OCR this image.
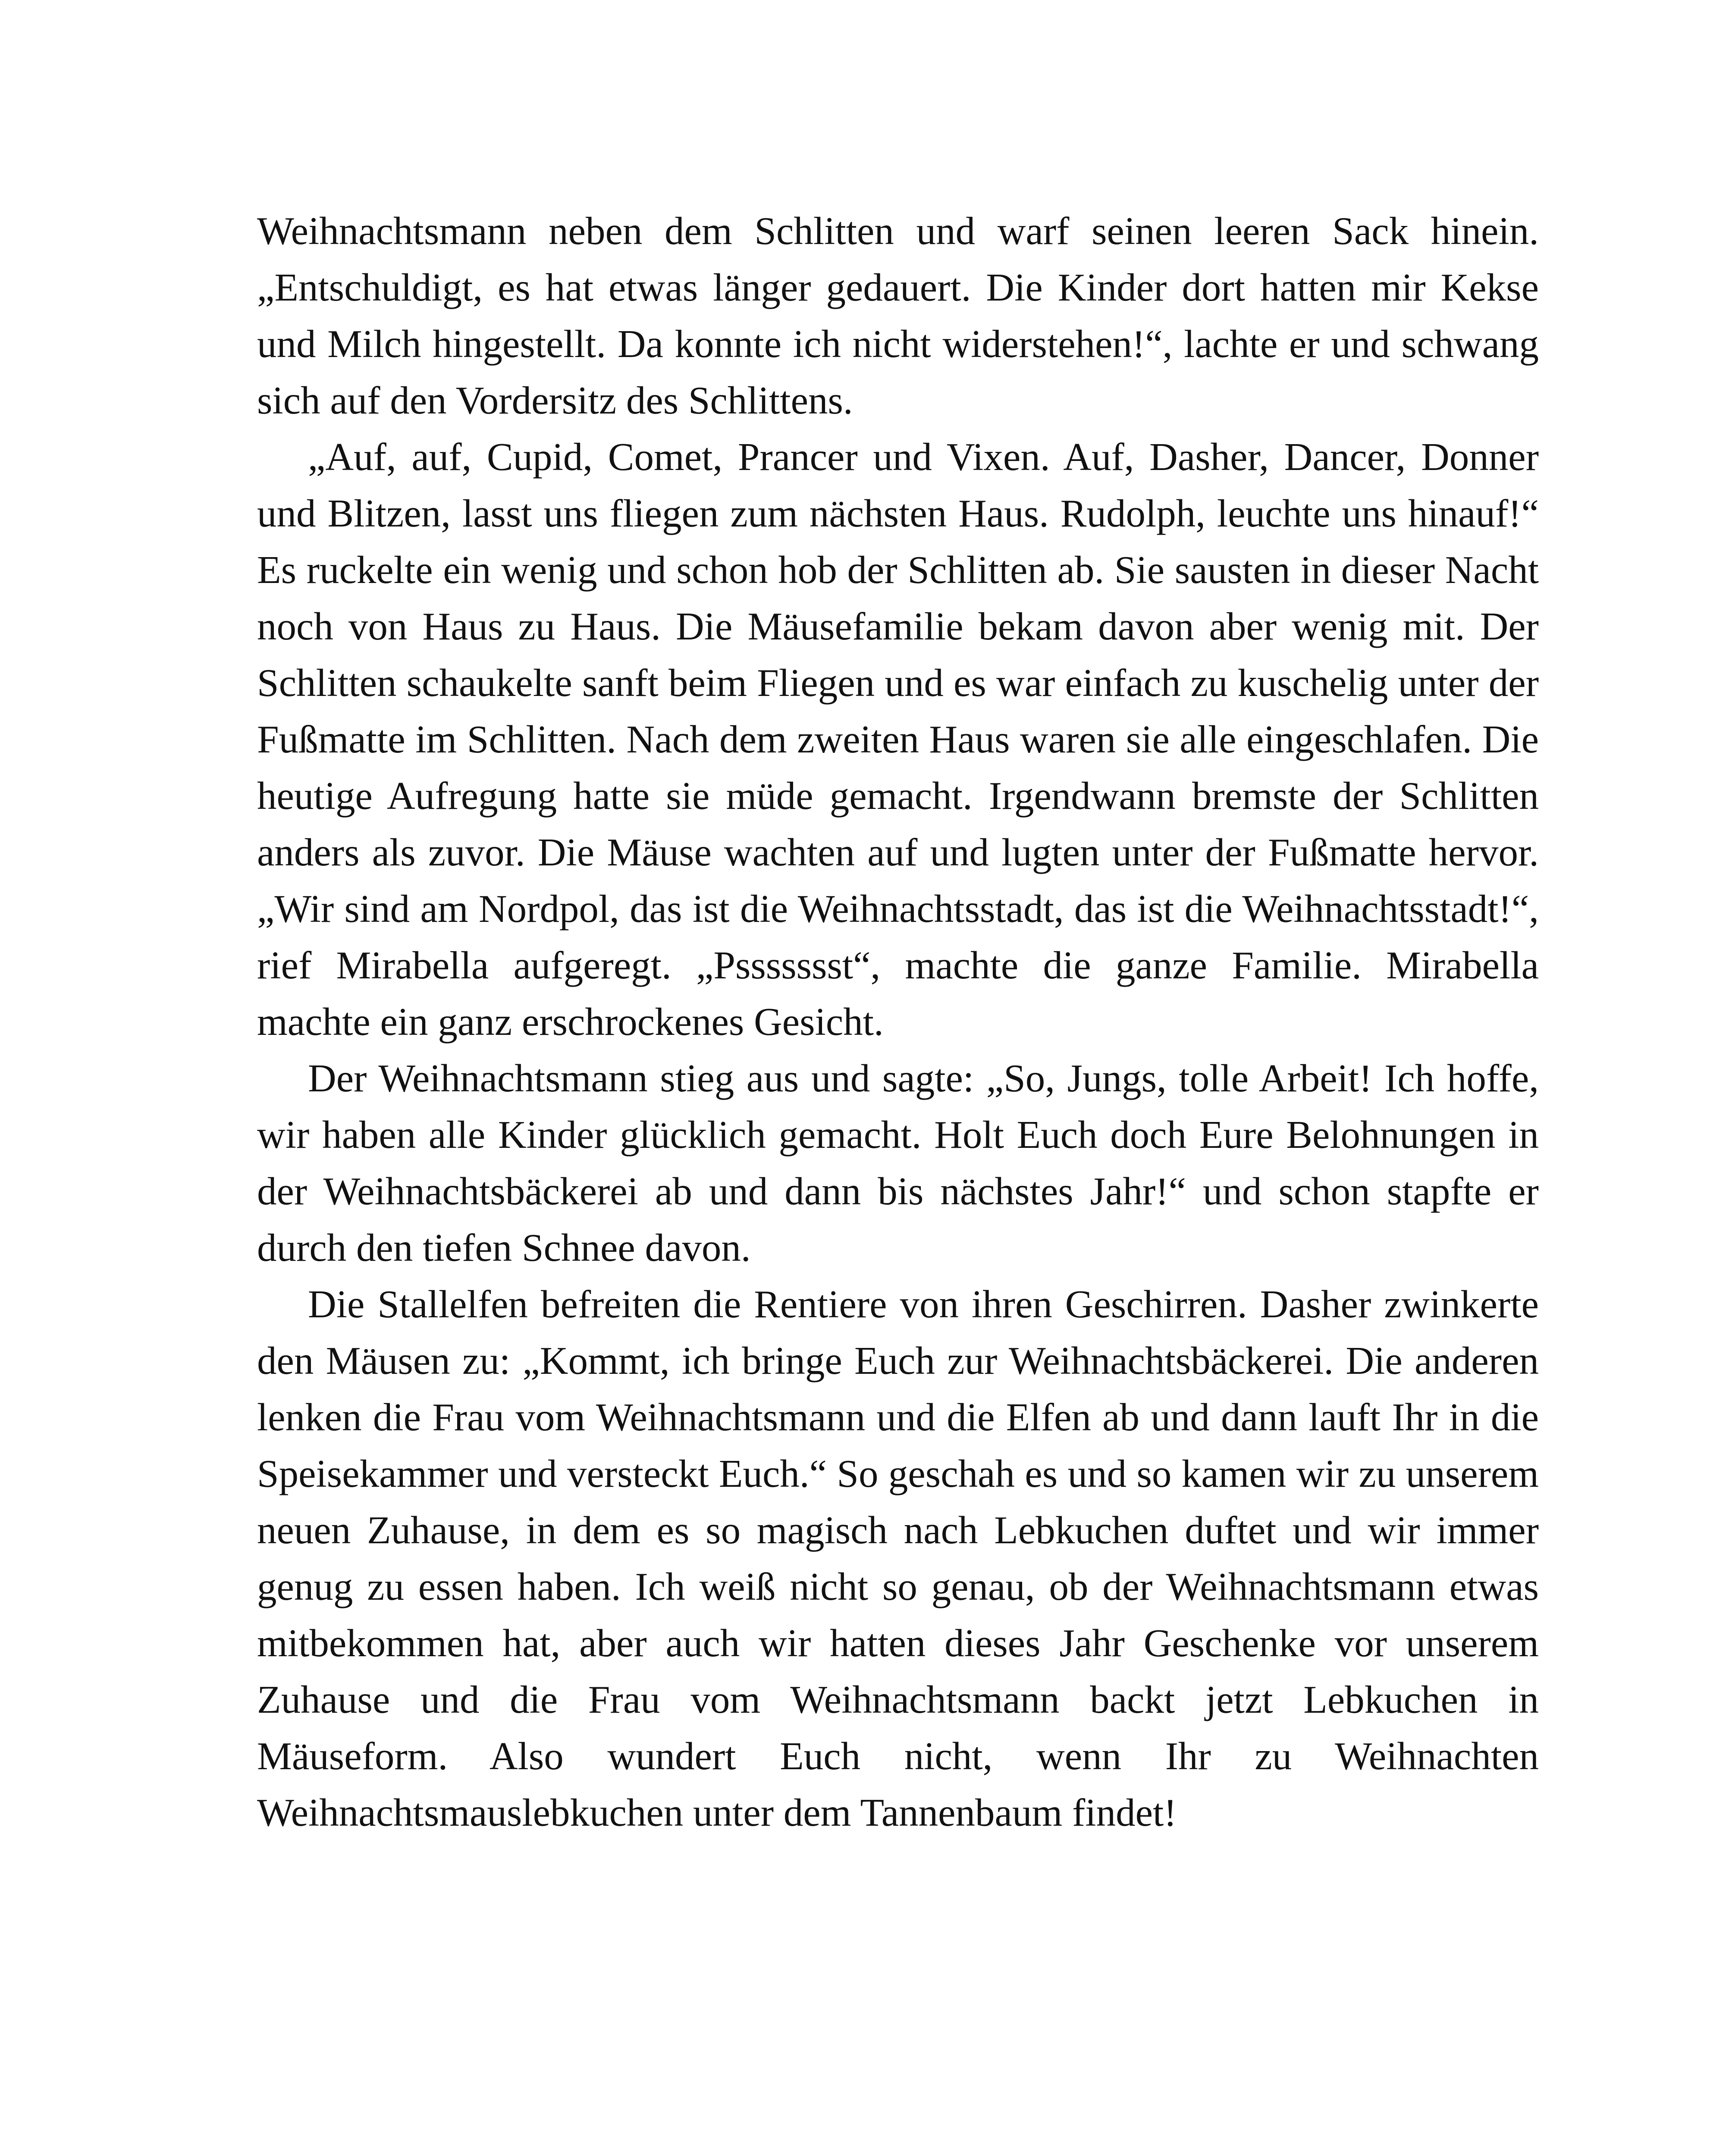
Weihnachtsmann neben dem Schlitten und warf seinen leeren Sack hinein. „Entschuldigt, es hat etwas länger gedauert. Die Kinder dort hatten mir Kekse und Milch hingestellt. Da konnte ich nicht widerstehen!“, lachte er und schwang sich auf den Vordersitz des Schlittens.

„Auf, auf, Cupid, Comet, Prancer und Vixen. Auf, Dasher, Dancer, Donner und Blitzen, lasst uns fliegen zum nächsten Haus. Rudolph, leuchte uns hinauf!“ Es ruckelte ein wenig und schon hob der Schlitten ab. Sie sausten in dieser Nacht noch von Haus zu Haus. Die Mäusefamilie bekam davon aber wenig mit. Der Schlitten schaukelte sanft beim Fliegen und es war einfach zu kuschelig unter der Fußmatte im Schlitten. Nach dem zweiten Haus waren sie alle eingeschlafen. Die heutige Aufregung hatte sie müde gemacht. Irgendwann bremste der Schlitten anders als zuvor. Die Mäuse wachten auf und lugten unter der Fußmatte hervor. „Wir sind am Nordpol, das ist die Weihnachtsstadt, das ist die Weihnachtsstadt!“, rief Mirabella aufgeregt. „Pssssssst“, machte die ganze Familie. Mirabella machte ein ganz erschrockenes Gesicht.

Der Weihnachtsmann stieg aus und sagte: „So, Jungs, tolle Arbeit! Ich hoffe, wir haben alle Kinder glücklich gemacht. Holt Euch doch Eure Belohnungen in der Weihnachtsbäckerei ab und dann bis nächstes Jahr!“ und schon stapfte er durch den tiefen Schnee davon.

Die Stallelfen befreiten die Rentiere von ihren Geschirren. Dasher zwinkerte den Mäusen zu: „Kommt, ich bringe Euch zur Weihnachtsbäckerei. Die anderen lenken die Frau vom Weihnachtsmann und die Elfen ab und dann lauft Ihr in die Speisekammer und versteckt Euch.“ So geschah es und so kamen wir zu unserem neuen Zuhause, in dem es so magisch nach Lebkuchen duftet und wir immer genug zu essen haben. Ich weiß nicht so genau, ob der Weihnachtsmann etwas mitbekommen hat, aber auch wir hatten dieses Jahr Geschenke vor unserem Zuhause und die Frau vom Weihnachtsmann backt jetzt Lebkuchen in Mäuseform. Also wundert Euch nicht, wenn Ihr zu Weihnachten Weihnachtsmauslebkuchen unter dem Tannenbaum findet!
